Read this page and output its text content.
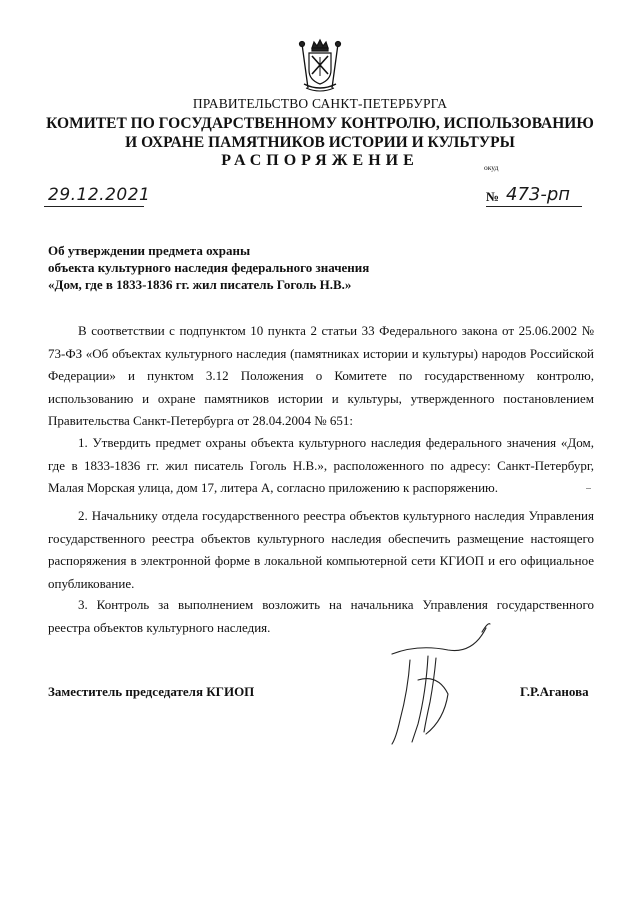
ПРАВИТЕЛЬСТВО САНКТ-ПЕТЕРБУРГА
КОМИТЕТ ПО ГОСУДАРСТВЕННОМУ КОНТРОЛЮ, ИСПОЛЬЗОВАНИЮ
И ОХРАНЕ ПАМЯТНИКОВ ИСТОРИИ И КУЛЬТУРЫ
РАСПОРЯЖЕНИЕ	окуд
29.12.2021	№ 473-рп
Об утверждении предмета охраны
объекта культурного наследия федерального значения
«Дом, где в 1833-1836 гг. жил писатель Гоголь Н.В.»

В соответствии с подпунктом 10 пункта 2 статьи 33 Федерального закона от 25.06.2002 № 73-ФЗ «Об объектах культурного наследия (памятниках истории и культуры) народов Российской Федерации» и пунктом 3.12 Положения о Комитете по государственному контролю, использованию и охране памятников истории и культуры, утвержденного постановлением Правительства Санкт-Петербурга от 28.04.2004 № 651:

1. Утвердить предмет охраны объекта культурного наследия федерального значения «Дом, где в 1833-1836 гг. жил писатель Гоголь Н.В.», расположенного по адресу: Санкт-Петербург, Малая Морская улица, дом 17, литера А, согласно приложению к распоряжению.

2. Начальнику отдела государственного реестра объектов культурного наследия Управления государственного реестра объектов культурного наследия обеспечить размещение настоящего распоряжения в электронной форме в локальной компьютерной сети КГИОП и его официальное опубликование.

3. Контроль за выполнением возложить на начальника Управления государственного реестра объектов культурного наследия.

Заместитель председателя КГИОП	Г.Р.Аганова
